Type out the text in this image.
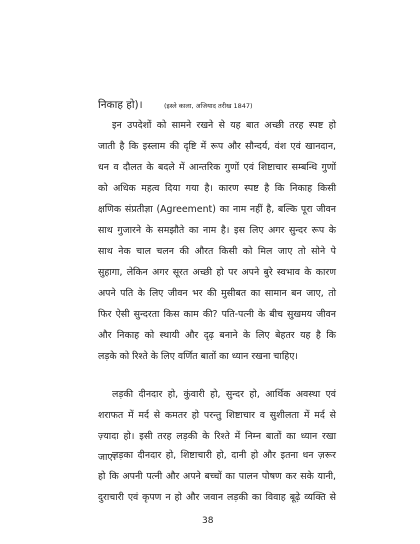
निकाह हो)।	(इस्ले काला, अजियाद तरीख 1847)
इन उपदेशों को सामने रखने से यह बात अच्छी तरह स्पष्ट हो
जाती है कि इस्लाम की दृष्टि में रूप और सौन्दर्य, वंश एवं खानदान,
धन व दौलत के बदले में आन्तरिक गुणों एवं शिष्टाचार सम्बन्धि गुणों
को अधिक महत्व दिया गया है। कारण स्पष्ट है कि निकाह किसी
क्षणिक संप्रतीज्ञा (Agreement) का नाम नहीं है, बल्कि पूरा जीवन
साथ गुजारने के समझौते का नाम है। इस लिए अगर सुन्दर रूप के
साथ नेक चाल चलन की औरत किसी को मिल जाए तो सोने पे
सुहागा, लेकिन अगर सूरत अच्छी हो पर अपने बुरे स्वभाव के कारण
अपने पति के लिए जीवन भर की मुसीबत का सामान बन जाए, तो
फिर ऐसी सुन्दरता किस काम की? पति-पत्नी के बीच सुखमय जीवन
और निकाह को स्थायी और दृढ़ बनाने के लिए बेहतर यह है कि
लड़के को रिश्ते के लिए वर्णित बातों का ध्यान रखना चाहिए।
लड़की दीनदार हो, कुंवारी हो, सुन्दर हो, आर्थिक अवस्था एवं
शराफत में मर्द से कमतर हो परन्तु शिष्टाचार व सुशीलता में मर्द से
ज़्यादा हो। इसी तरह लड़की के रिश्ते में निम्न बातों का ध्यान रखा
जाए।
लड़का दीनदार हो, शिष्टाचारी हो, दानी हो और इतना धन ज़रूर
हो कि अपनी पत्नी और अपने बच्चों का पालन पोषण कर सके यानी,
दुराचारी एवं कृपण न हो और जवान लड़की का विवाह बूढ़े व्यक्ति से
38
